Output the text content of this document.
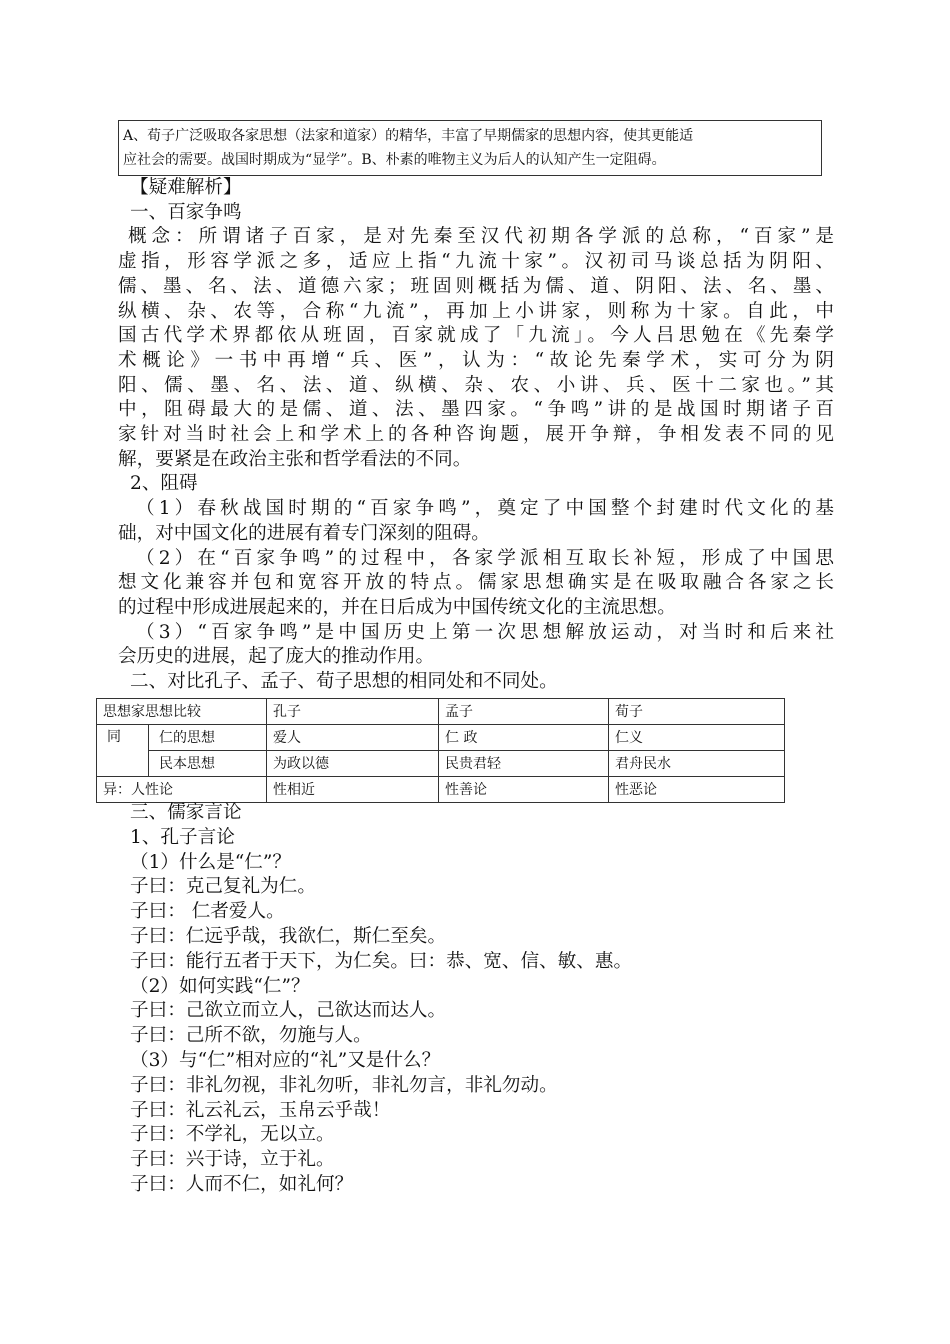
A、荀子广泛吸取各家思想（法家和道家）的精华，丰富了早期儒家的思想内容，使其更能适

应社会的需要。战国时期成为“显学”。B、朴素的唯物主义为后人的认知产生一定阻碍。

【疑难解析】

一、百家争鸣

概念：所谓诸子百家，是对先秦至汉代初期各学派的总称，“百家”是

虚指，形容学派之多，适应上指“九流十家”。汉初司马谈总括为阴阳、

儒、墨、名、法、道德六家；班固则概括为儒、道、阴阳、法、名、墨、

纵横、杂、农等，合称“九流”，再加上小讲家，则称为十家。自此，中

国古代学术界都依从班固，百家就成了「九流」。今人吕思勉在《先秦学

术概论》一书中再增“兵、医”，认为：“故论先秦学术，实可分为阴

阳、儒、墨、名、法、道、纵横、杂、农、小讲、兵、医十二家也。”其

中，阻碍最大的是儒、道、法、墨四家。“争鸣”讲的是战国时期诸子百

家针对当时社会上和学术上的各种咨询题，展开争辩，争相发表不同的见

解，要紧是在政治主张和哲学看法的不同。

2、阻碍

（1）春秋战国时期的“百家争鸣”，奠定了中国整个封建时代文化的基

础，对中国文化的进展有着专门深刻的阻碍。

（2）在“百家争鸣”的过程中，各家学派相互取长补短，形成了中国思

想文化兼容并包和宽容开放的特点。儒家思想确实是在吸取融合各家之长

的过程中形成进展起来的，并在日后成为中国传统文化的主流思想。

（3）“百家争鸣”是中国历史上第一次思想解放运动，对当时和后来社

会历史的进展，起了庞大的推动作用。

二、对比孔子、孟子、荀子思想的相同处和不同处。

思想家思想比较		孔子	孟子	荀子
同	仁的思想	爱人	仁 政	仁义
	民本思想	为政以德	民贵君轻	君舟民水
异：人性论		性相近	性善论	性恶论

三、儒家言论

1、孔子言论

（1）什么是“仁”？

子曰：克己复礼为仁。

子曰： 仁者爱人。

子曰：仁远乎哉，我欲仁，斯仁至矣。

子曰：能行五者于天下，为仁矣。曰：恭、宽、信、敏、惠。

（2）如何实践“仁”？

子曰：己欲立而立人，己欲达而达人。

子曰：己所不欲，勿施与人。

（3）与“仁”相对应的“礼”又是什么？

子曰：非礼勿视，非礼勿听，非礼勿言，非礼勿动。

子曰：礼云礼云，玉帛云乎哉！

子曰：不学礼，无以立。

子曰：兴于诗，立于礼。

子曰：人而不仁，如礼何？
